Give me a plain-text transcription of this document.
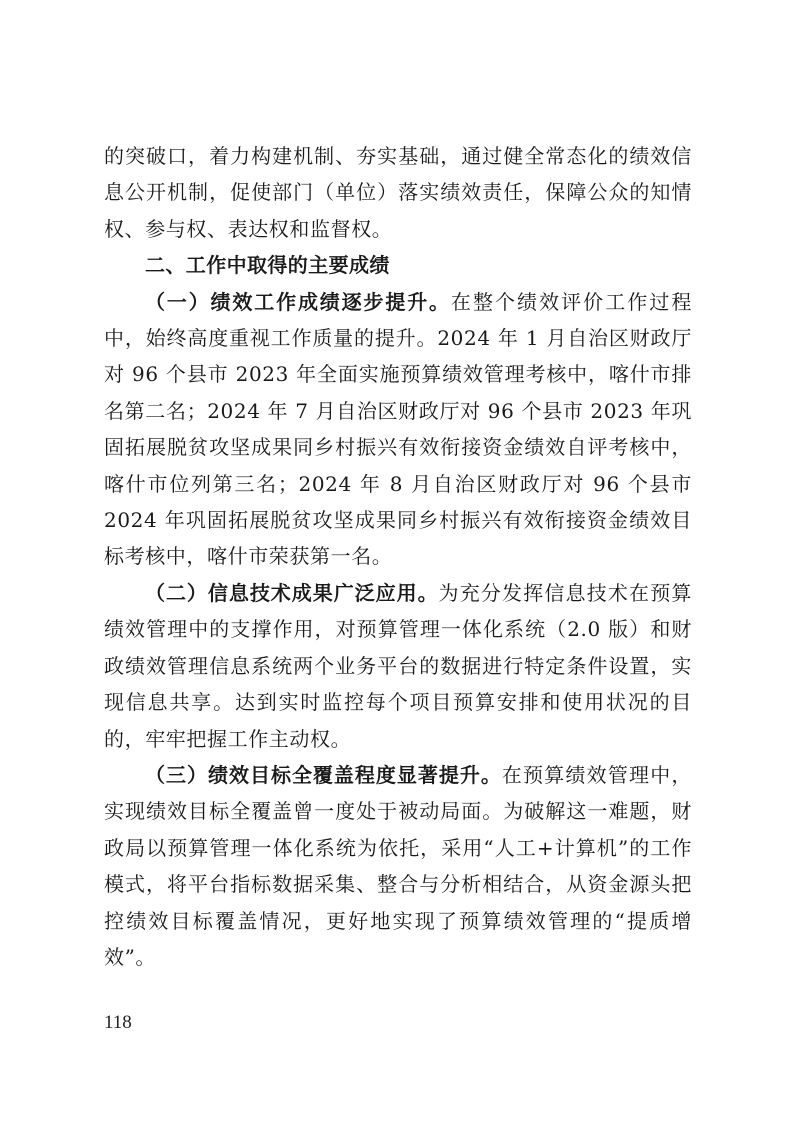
的突破口，着力构建机制、夯实基础，通过健全常态化的绩效信息公开机制，促使部门（单位）落实绩效责任，保障公众的知情权、参与权、表达权和监督权。

二、工作中取得的主要成绩

（一）绩效工作成绩逐步提升。在整个绩效评价工作过程中，始终高度重视工作质量的提升。2024 年 1 月自治区财政厅对 96 个县市 2023 年全面实施预算绩效管理考核中，喀什市排名第二名；2024 年 7 月自治区财政厅对 96 个县市 2023 年巩固拓展脱贫攻坚成果同乡村振兴有效衔接资金绩效自评考核中，喀什市位列第三名；2024 年 8 月自治区财政厅对 96 个县市 2024 年巩固拓展脱贫攻坚成果同乡村振兴有效衔接资金绩效目标考核中，喀什市荣获第一名。

（二）信息技术成果广泛应用。为充分发挥信息技术在预算绩效管理中的支撑作用，对预算管理一体化系统（2.0 版）和财政绩效管理信息系统两个业务平台的数据进行特定条件设置，实现信息共享。达到实时监控每个项目预算安排和使用状况的目的，牢牢把握工作主动权。

（三）绩效目标全覆盖程度显著提升。在预算绩效管理中，实现绩效目标全覆盖曾一度处于被动局面。为破解这一难题，财政局以预算管理一体化系统为依托，采用“人工+计算机”的工作模式，将平台指标数据采集、整合与分析相结合，从资金源头把控绩效目标覆盖情况，更好地实现了预算绩效管理的“提质增效”。

118
